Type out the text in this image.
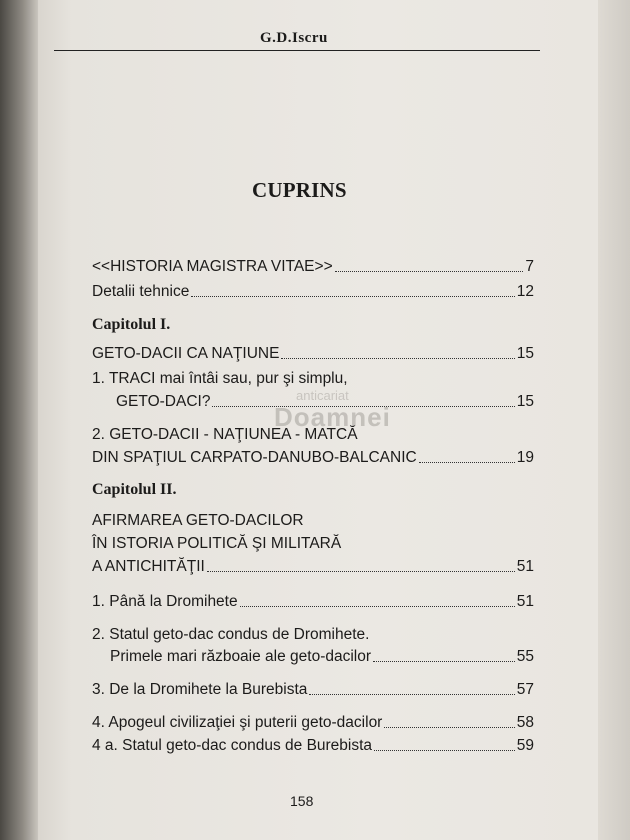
G.D.Iscru
CUPRINS
<<HISTORIA MAGISTRA VITAE>>	7
Detalii tehnice	12
Capitolul I.
GETO-DACII CA NAŢIUNE	15
1. TRACI mai întâi sau, pur şi simplu,
GETO-DACI?	15
2. GETO-DACII - NAŢIUNEA - MATCĂ
DIN SPAŢIUL CARPATO-DANUBO-BALCANIC	19
Capitolul II.
AFIRMAREA GETO-DACILOR
ÎN ISTORIA POLITICĂ ŞI MILITARĂ
A ANTICHITĂŢII	51
1. Până la Dromihete	51
2. Statul geto-dac condus de Dromihete.
Primele mari războaie ale geto-dacilor	55
3. De la Dromihete la Burebista	57
4. Apogeul civilizaţiei şi puterii geto-dacilor	58
4 a. Statul geto-dac condus de Burebista	59
anticariat
Doamnei
158
